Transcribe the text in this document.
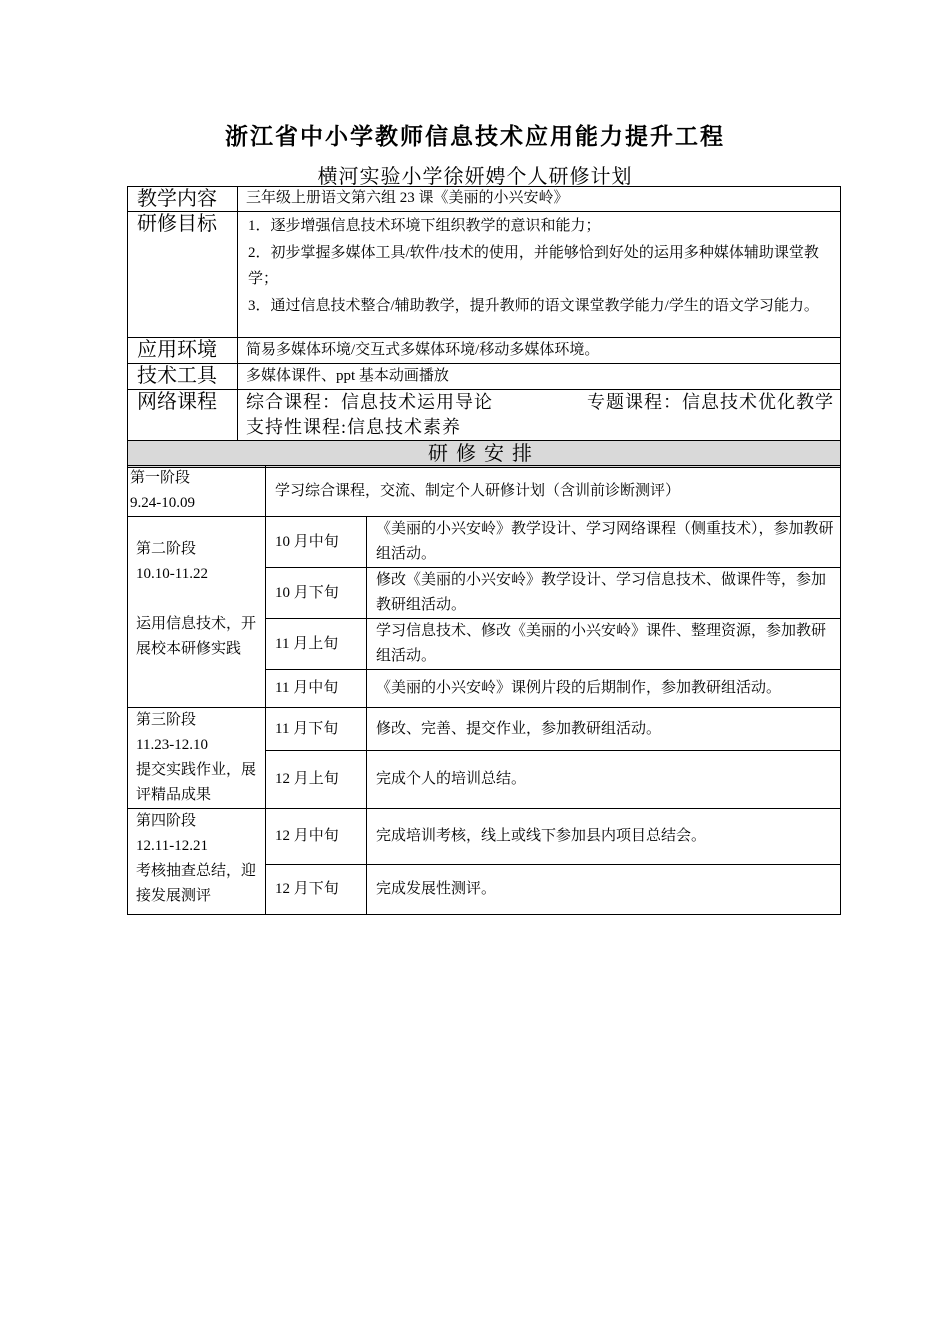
浙江省中小学教师信息技术应用能力提升工程
横河实验小学徐妍娉个人研修计划
教学内容	三年级上册语文第六组 23 课《美丽的小兴安岭》
研修目标	1．逐步增强信息技术环境下组织教学的意识和能力；
2．初步掌握多媒体工具/软件/技术的使用，并能够恰到好处的运用多种媒体辅助课堂教学；
3．通过信息技术整合/辅助教学，提升教师的语文课堂教学能力/学生的语文学习能力。

应用环境	简易多媒体环境/交互式多媒体环境/移动多媒体环境。
技术工具	多媒体课件、ppt 基本动画播放
网络课程	综合课程：信息技术运用导论 专题课程：信息技术优化教学
支持性课程:信息技术素养
研修安排	
第一阶段
9.24-10.09	学习综合课程，交流、制定个人研修计划（含训前诊断测评）	

第二阶段
10.10-11.22
运用信息技术，开展校本研修实践	10 月中旬	《美丽的小兴安岭》教学设计、学习网络课程（侧重技术），参加教研组活动。
	10 月下旬	修改《美丽的小兴安岭》教学设计、学习信息技术、做课件等，参加教研组活动。
	11 月上旬	学习信息技术、修改《美丽的小兴安岭》课件、整理资源，参加教研组活动。
	11 月中旬	《美丽的小兴安岭》课例片段的后期制作，参加教研组活动。

第三阶段
11.23-12.10
提交实践作业，展评精品成果	11 月下旬	修改、完善、提交作业，参加教研组活动。
	12 月上旬	完成个人的培训总结。

第四阶段
12.11-12.21
考核抽查总结，迎接发展测评	12 月中旬	完成培训考核，线上或线下参加县内项目总结会。
	12 月下旬	完成发展性测评。
